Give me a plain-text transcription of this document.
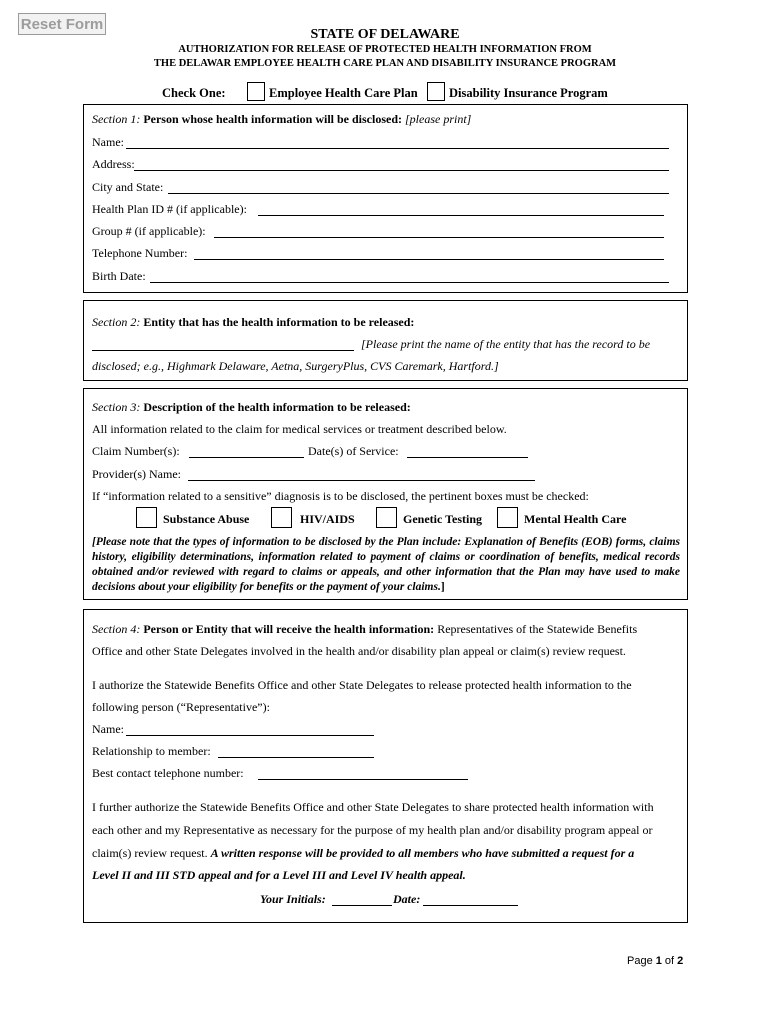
Reset Form
STATE OF DELAWARE
AUTHORIZATION FOR RELEASE OF PROTECTED HEALTH INFORMATION FROM
THE DELAWAR EMPLOYEE HEALTH CARE PLAN AND DISABILITY INSURANCE PROGRAM
Check One:	Employee Health Care Plan	Disability Insurance Program
Section 1: Person whose health information will be disclosed: [please print]
Name:
Address:
City and State:
Health Plan ID # (if applicable):
Group # (if applicable):
Telephone Number:
Birth Date:
Section 2: Entity that has the health information to be released:
[Please print the name of the entity that has the record to be
disclosed; e.g., Highmark Delaware, Aetna, SurgeryPlus, CVS Caremark, Hartford.]
Section 3: Description of the health information to be released:
All information related to the claim for medical services or treatment described below.
Claim Number(s):	Date(s) of Service:
Provider(s) Name:
If “information related to a sensitive” diagnosis is to be disclosed, the pertinent boxes must be checked:
Substance Abuse	HIV/AIDS	Genetic Testing	Mental Health Care
[Please note that the types of information to be disclosed by the Plan include: Explanation of Benefits (EOB) forms, claims history, eligibility determinations, information related to payment of claims or coordination of benefits, medical records obtained and/or reviewed with regard to claims or appeals, and other information that the Plan may have used to make decisions about your eligibility for benefits or the payment of your claims.]
Section 4: Person or Entity that will receive the health information: Representatives of the Statewide Benefits
Office and other State Delegates involved in the health and/or disability plan appeal or claim(s) review request.
I authorize the Statewide Benefits Office and other State Delegates to release protected health information to the
following person (“Representative”):
Name:
Relationship to member:
Best contact telephone number:
I further authorize the Statewide Benefits Office and other State Delegates to share protected health information with
each other and my Representative as necessary for the purpose of my health plan and/or disability program appeal or
claim(s) review request. A written response will be provided to all members who have submitted a request for a
Level II and III STD appeal and for a Level III and Level IV health appeal.
Your Initials:	Date:
Page 1 of 2
